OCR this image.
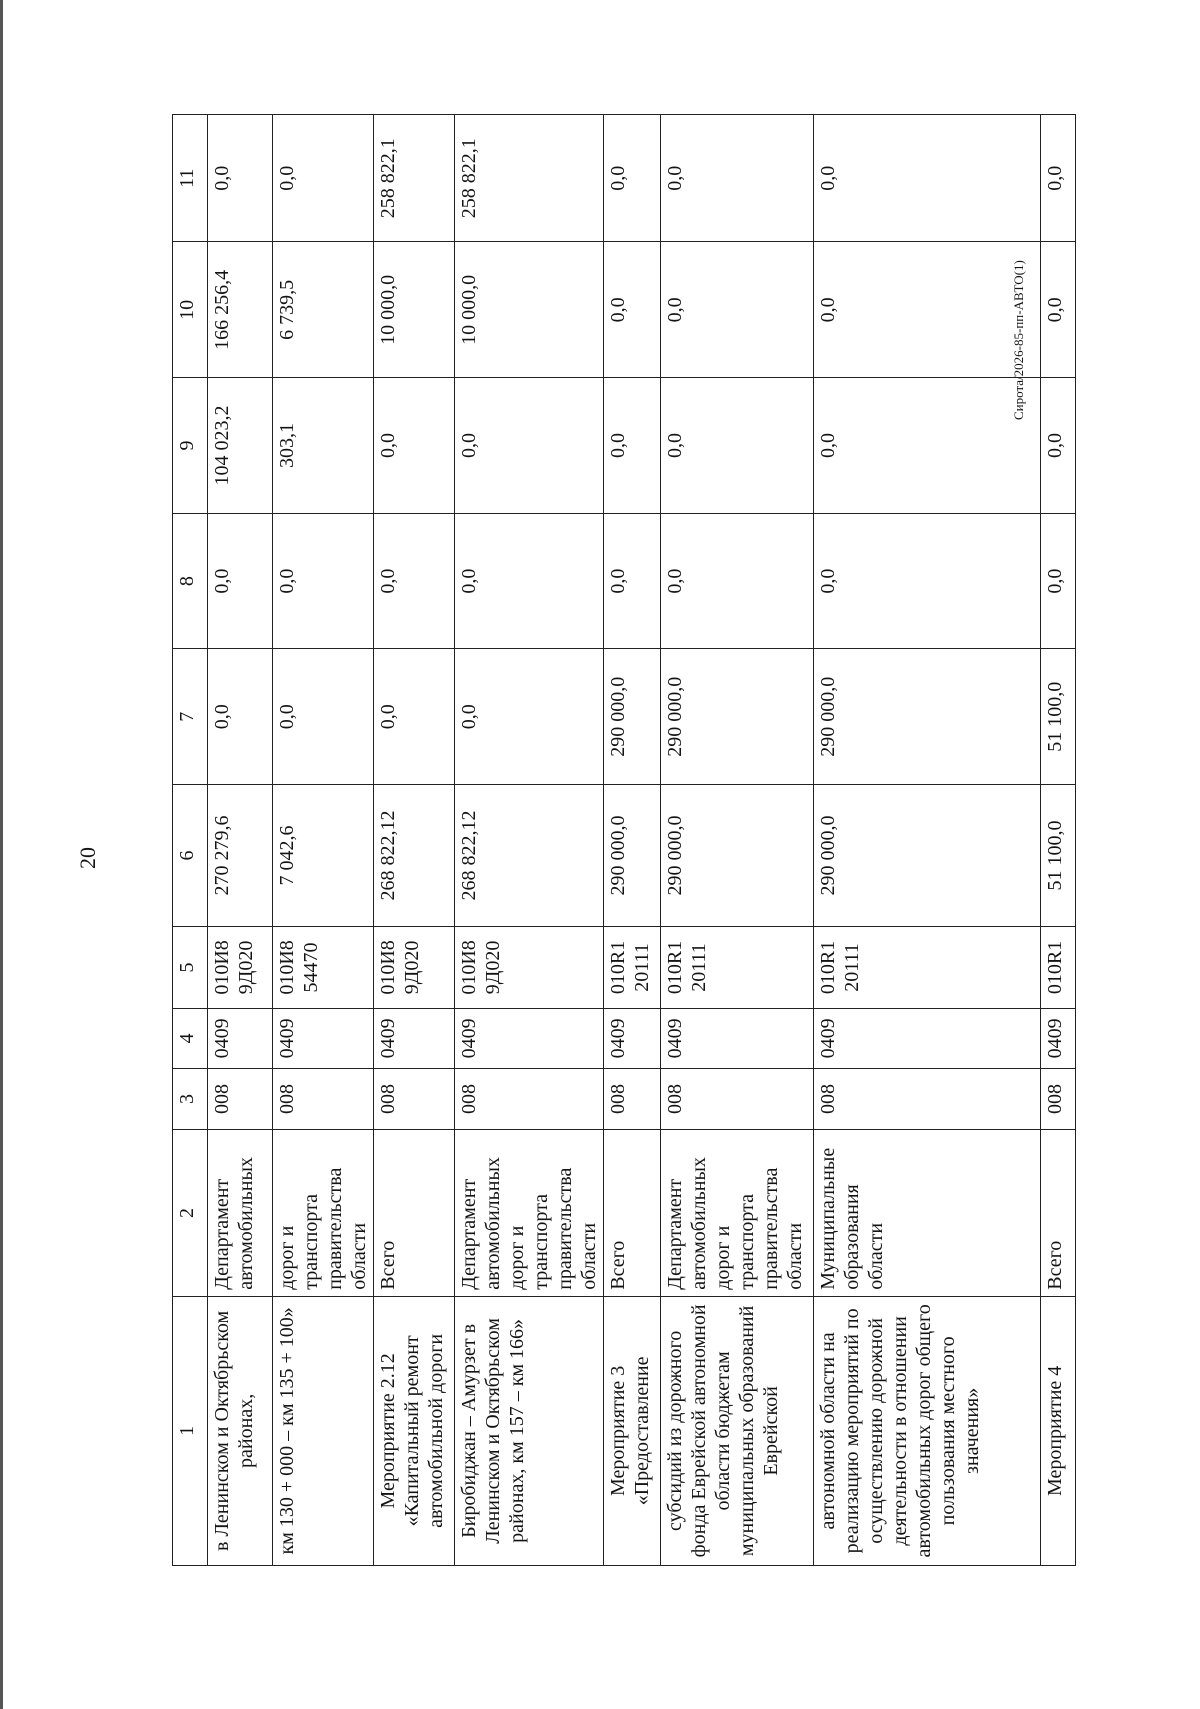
20
Сирота/2026-85-пп-АВТО(1)
1	2	3	4	5	6	7	8	9	10	11
в Ленинском и Октябрьском районах,	Департамент автомобильных	008	0409	010И8 9Д020	270 279,6	0,0	0,0	104 023,2	166 256,4	0,0
км 130 + 000 – км 135 + 100»	дорог и транспорта правительства области	008	0409	010И8 54470	7 042,6	0,0	0,0	303,1	6 739,5	0,0
Мероприятие 2.12 «Капитальный ремонт автомобильной дороги	Всего	008	0409	010И8 9Д020	268 822,12	0,0	0,0	0,0	10 000,0	258 822,1
Биробиджан – Амурзет в Ленинском и Октябрьском районах, км 157 – км 166»	Департамент автомобильных дорог и транспорта правительства области	008	0409	010И8 9Д020	268 822,12	0,0	0,0	0,0	10 000,0	258 822,1
Мероприятие 3 «Предоставление	Всего	008	0409	010R1 20111	290 000,0	290 000,0	0,0	0,0	0,0	0,0
субсидий из дорожного фонда Еврейской автономной области бюджетам муниципальных образований Еврейской	Департамент автомобильных дорог и транспорта правительства области	008	0409	010R1 20111	290 000,0	290 000,0	0,0	0,0	0,0	0,0
автономной области на реализацию мероприятий по осуществлению дорожной деятельности в отношении автомобильных дорог общего пользования местного значения»	Муниципальные образования области	008	0409	010R1 20111	290 000,0	290 000,0	0,0	0,0	0,0	0,0
Мероприятие 4	Всего	008	0409	010R1	51 100,0	51 100,0	0,0	0,0	0,0	0,0
